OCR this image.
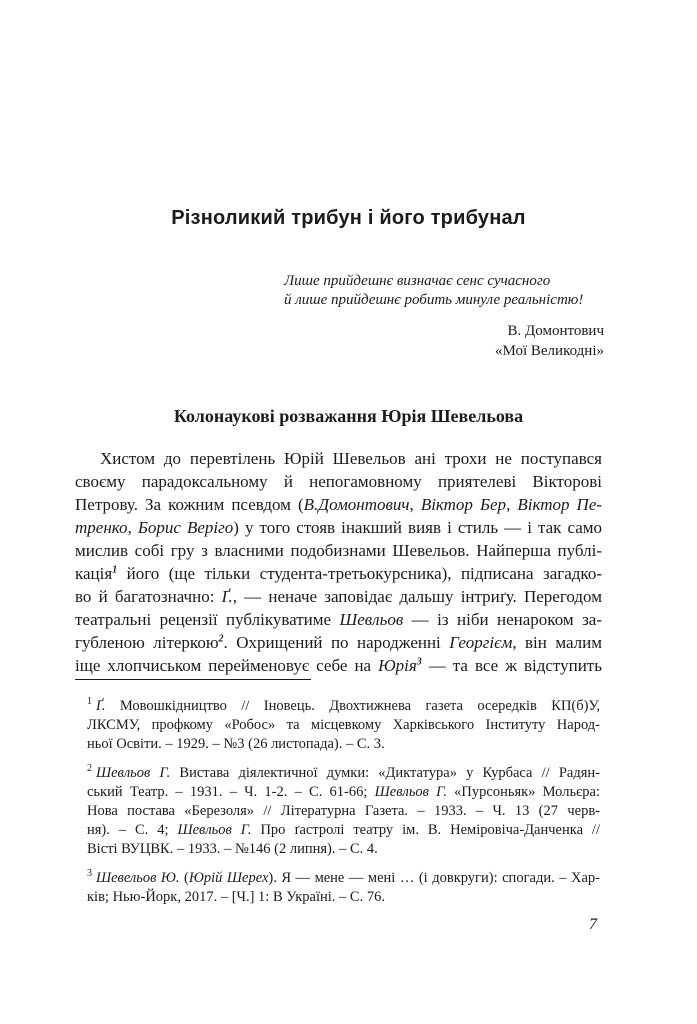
Різноликий трибун і його трибунал
Лише прийдешнє визначає сенс сучасного
й лише прийдешнє робить минуле реальністю!
В. Домонтович
«Мої Великодні»
Колонаукові розважання Юрія Шевельова
Хистом до перевтілень Юрій Шевельов ані трохи не поступався
своєму парадоксальному й непогамовному приятелеві Вікторові
Петрову. За кожним псевдом (В.Домонтович, Віктор Бер, Віктор Пе-
тренко, Борис Веріго) у того стояв інакший вияв і стиль — і так само
мислив собі гру з власними подобизнами Шевельов. Найперша публі-
кація$^1$ його (ще тільки студента-третьокурсника), підписана загадко-
во й багатозначно: Ґ., — неначе заповідає дальшу інтриґу. Перегодом
театральні рецензії публікуватиме Шевльов — із ніби ненароком за-
губленою літеркою$^2$. Охрищений по народженні Георгієм, він малим
іще хлопчиськом перейменовує себе на Юрія$^3$ — та все ж відступить
$^1$ Ґ. Мовошкідництво // Іновець. Двохтижнева газета осередків КП(б)У,
ЛКСМУ, профкому «Робос» та місцевкому Харківського Інституту Народ-
ньої Освіти. – 1929. – №3 (26 листопада). – С. 3.
$^2$ Шевльов Г. Вистава діялектичної думки: «Диктатура» у Курбаса // Радян-
ський Театр. – 1931. – Ч. 1-2. – С. 61-66; Шевльов Г. «Пурсоньяк» Мольєра:
Нова постава «Березоля» // Літературна Газета. – 1933. – Ч. 13 (27 черв-
ня). – С. 4; Шевльов Г. Про ґастролі театру ім. В. Неміровіча-Данченка //
Вісті ВУЦВК. – 1933. – №146 (2 липня). – С. 4.
$^3$ Шевельов Ю. (Юрій Шерех). Я — мене — мені … (і довкруги): спогади. – Хар-
ків; Нью-Йорк, 2017. – [Ч.] 1: В Україні. – С. 76.
7
